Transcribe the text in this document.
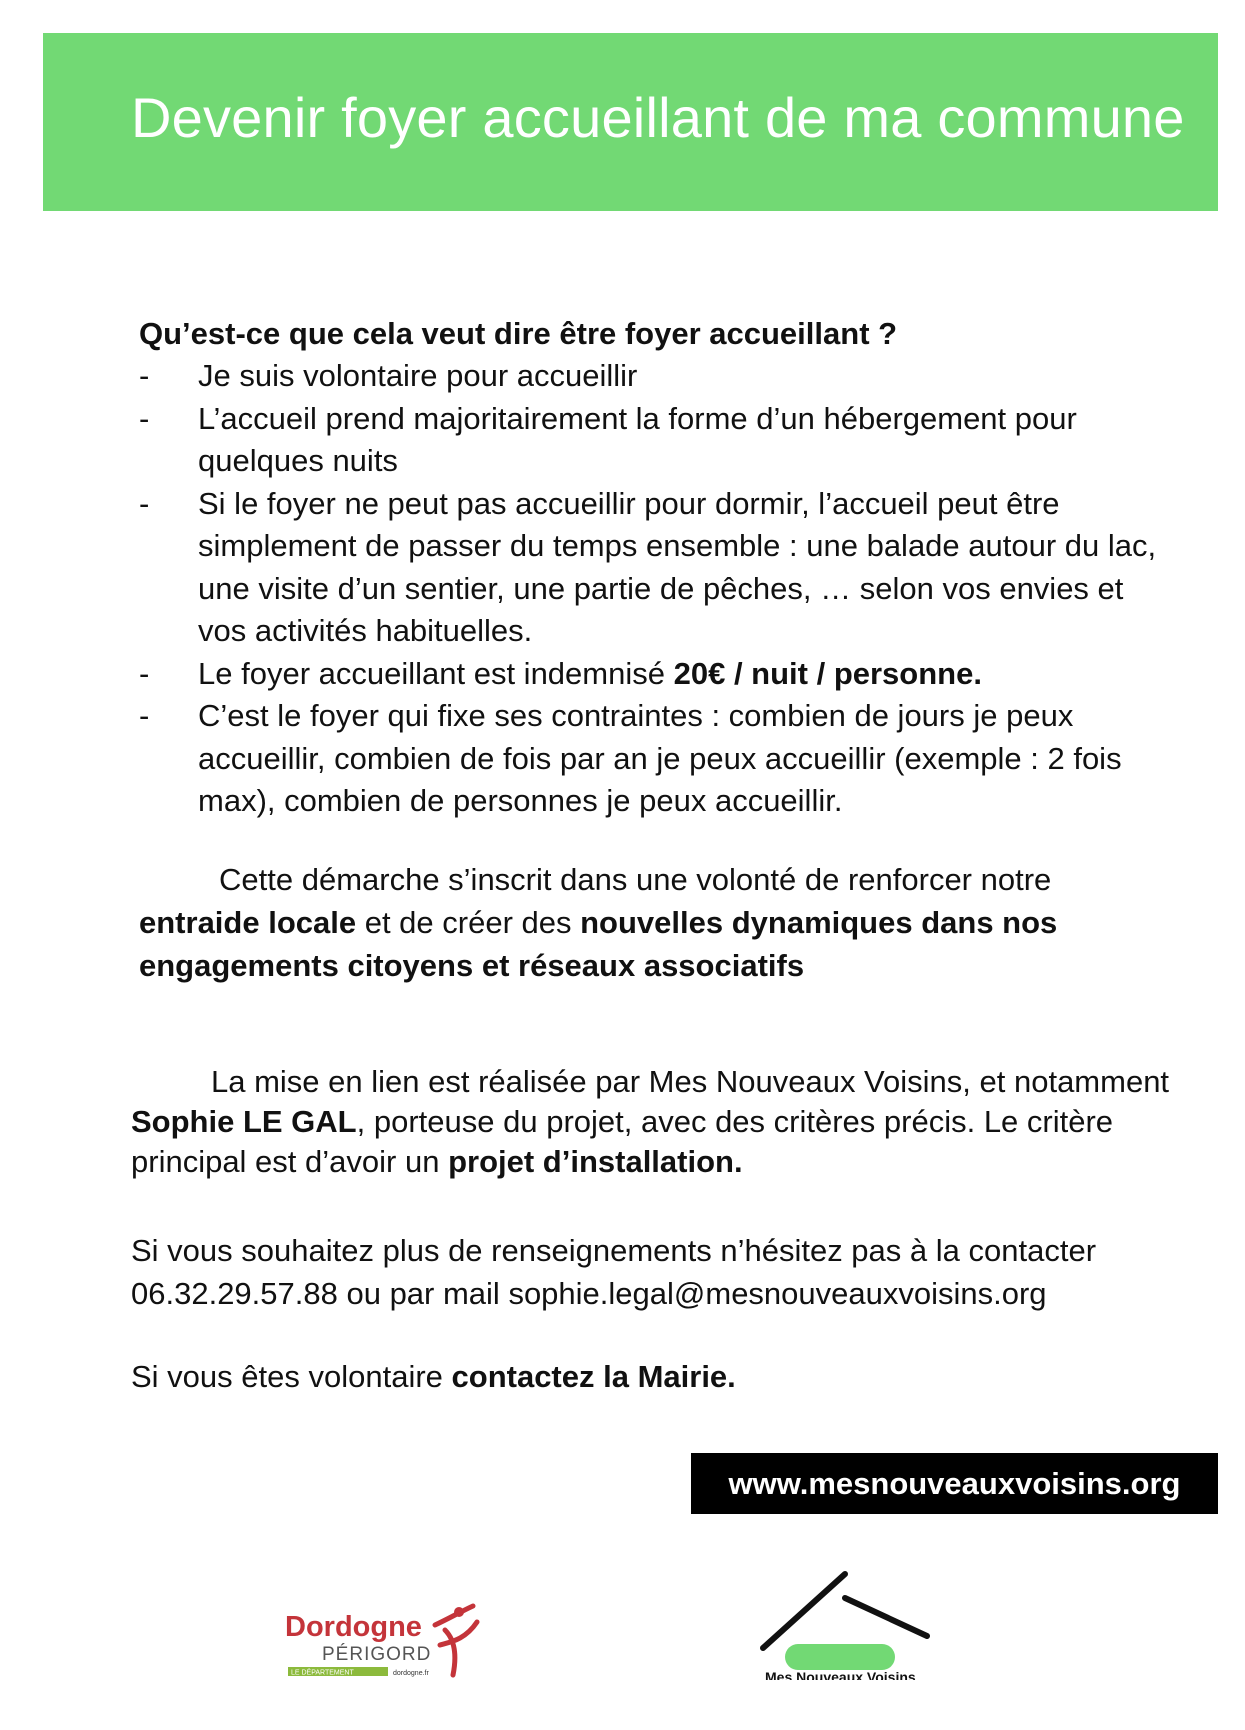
Devenir foyer accueillant de ma commune

Qu’est-ce que cela veut dire être foyer accueillant ?

- Je suis volontaire pour accueillir
- L’accueil prend majoritairement la forme d’un hébergement pour quelques nuits
- Si le foyer ne peut pas accueillir pour dormir, l’accueil peut être simplement de passer du temps ensemble : une balade autour du lac, une visite d’un sentier, une partie de pêches, … selon vos envies et vos activités habituelles.
- Le foyer accueillant est indemnisé 20€ / nuit / personne.
- C’est le foyer qui fixe ses contraintes : combien de jours je peux accueillir, combien de fois par an je peux accueillir (exemple : 2 fois max), combien de personnes je peux accueillir.

Cette démarche s’inscrit dans une volonté de renforcer notre entraide locale et de créer des nouvelles dynamiques dans nos engagements citoyens et réseaux associatifs

La mise en lien est réalisée par Mes Nouveaux Voisins, et notamment Sophie LE GAL, porteuse du projet, avec des critères précis. Le critère principal est d’avoir un projet d’installation.

Si vous souhaitez plus de renseignements n’hésitez pas à la contacter
06.32.29.57.88 ou par mail sophie.legal@mesnouveauxvoisins.org

Si vous êtes volontaire contactez la Mairie.

www.mesnouveauxvoisins.org
Dordogne
PÉRIGORD
LE DÉPARTEMENT	dordogne.fr	Mes Nouveaux Voisins
